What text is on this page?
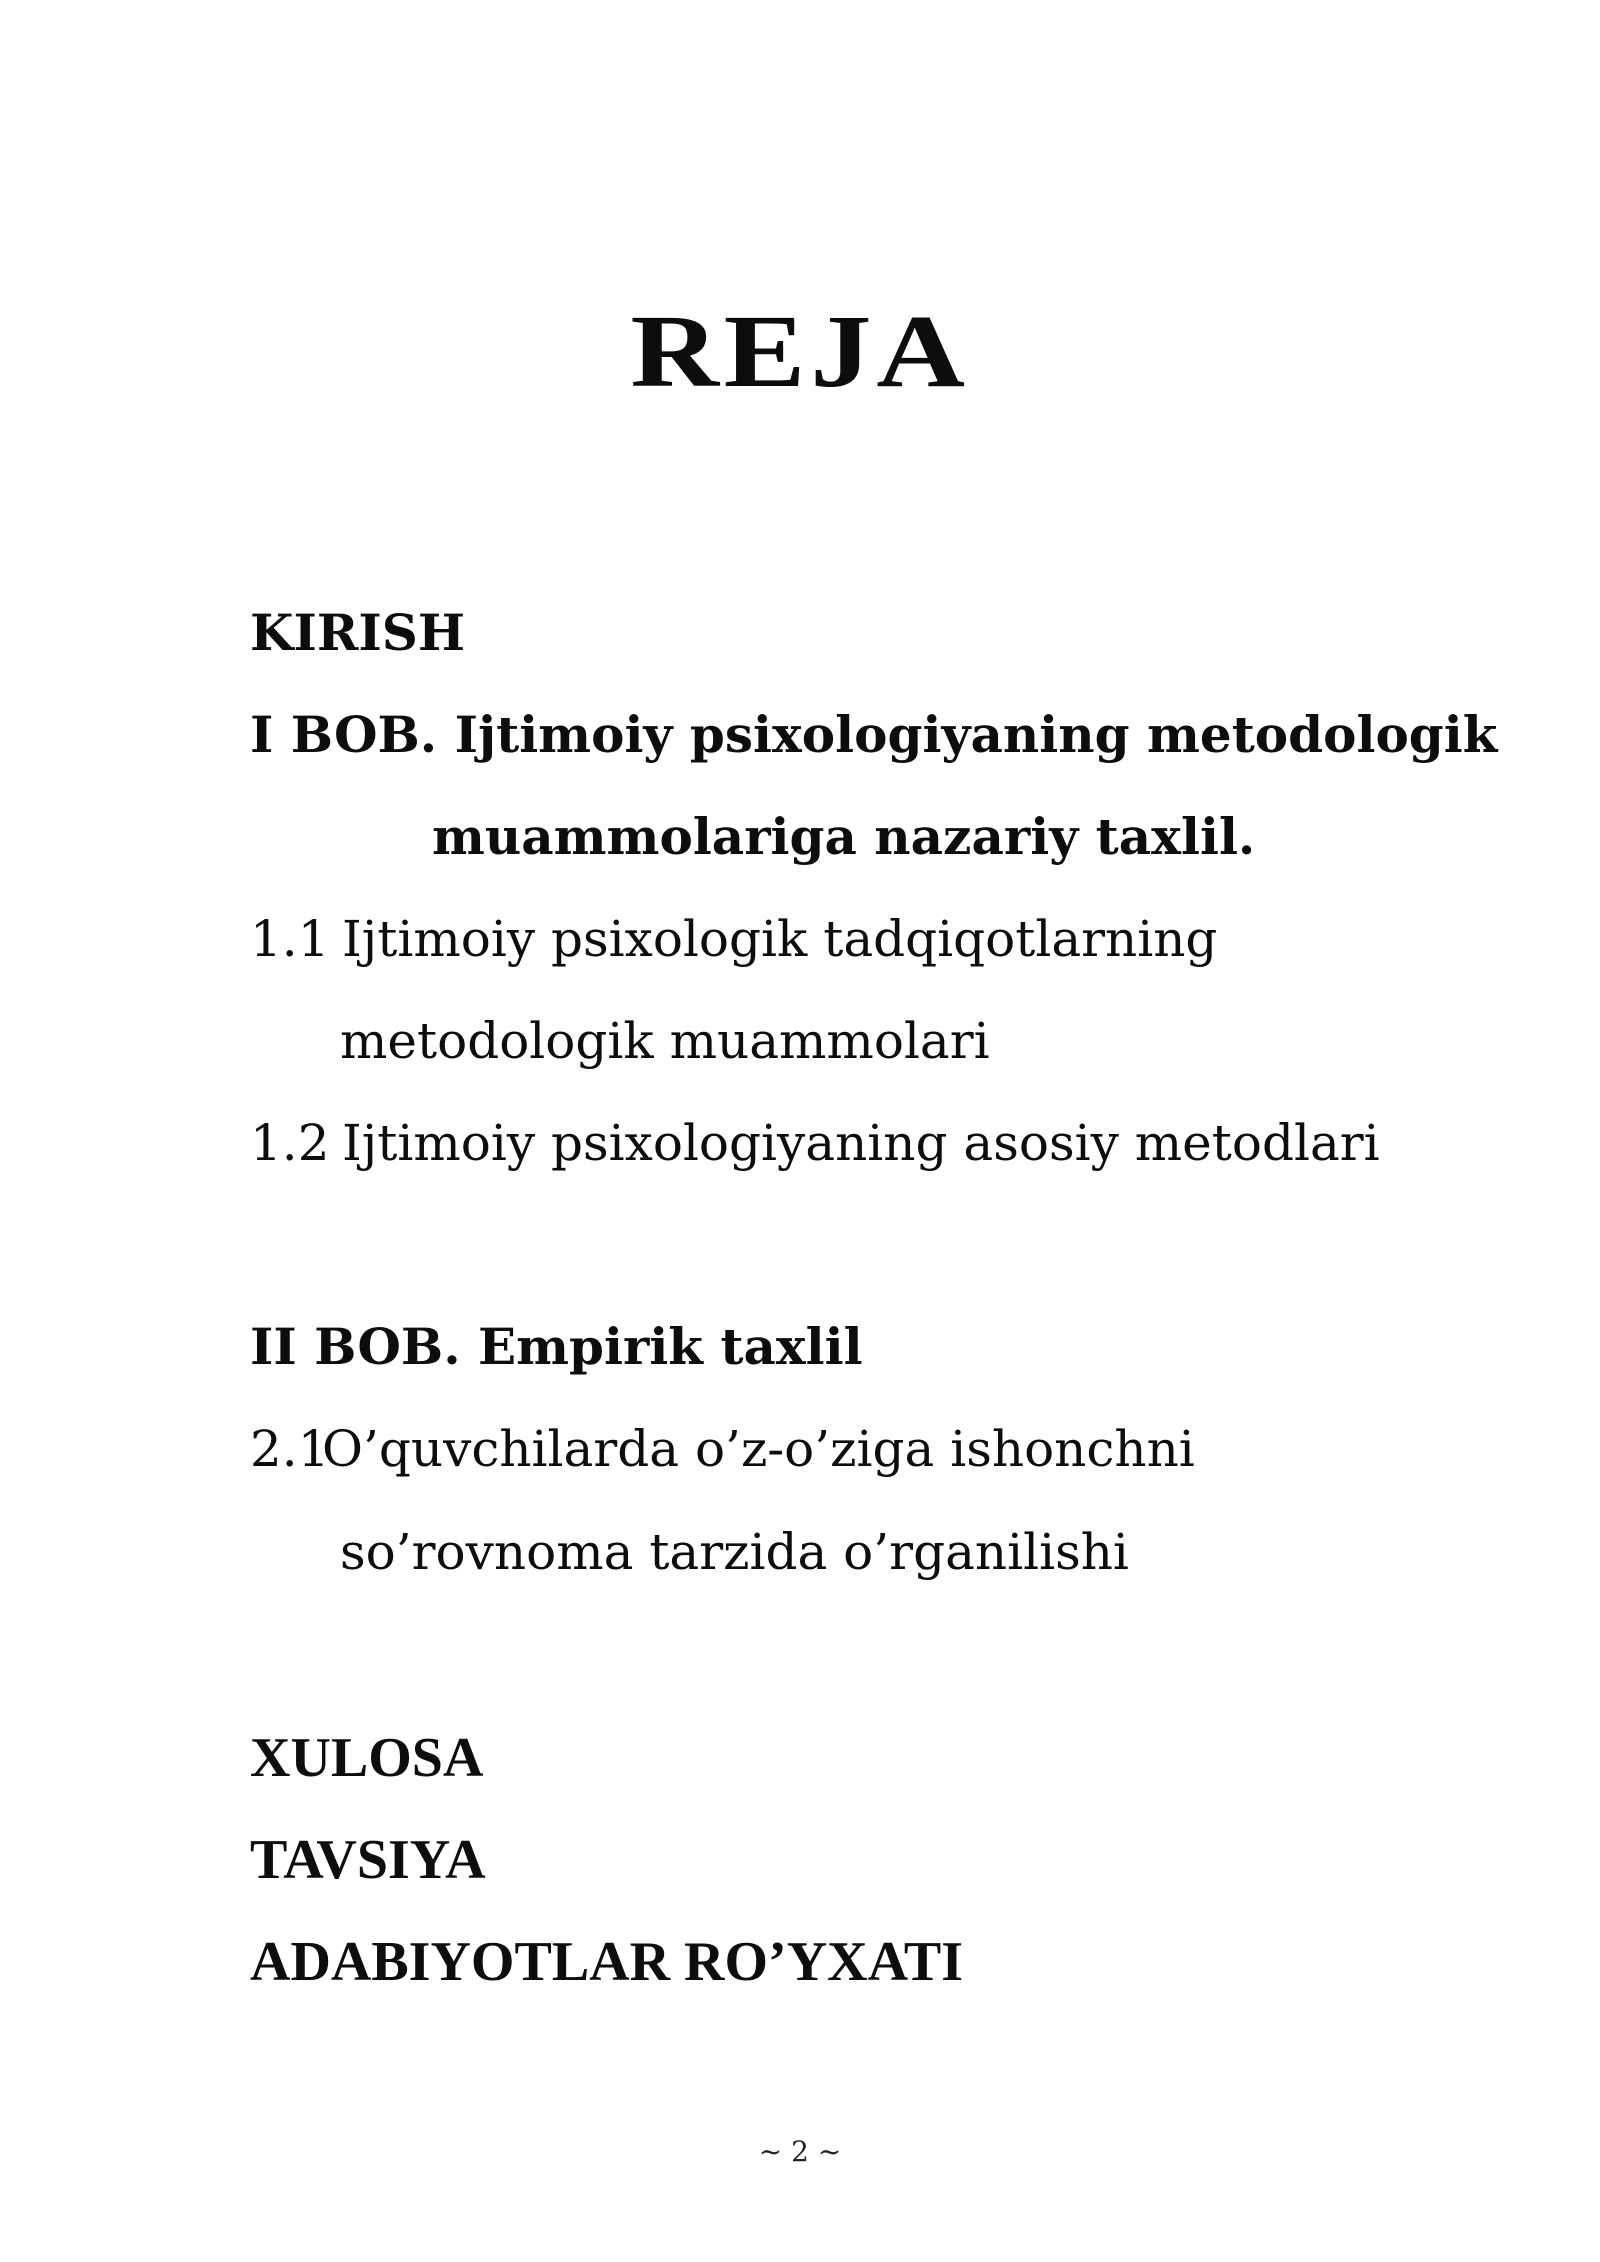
REJA
KIRISH
I BOB. Ijtimoiy psixologiyaning metodologik
muammolariga nazariy taxlil.
1.1 Ijtimoiy psixologik tadqiqotlarning
metodologik muammolari
1.2 Ijtimoiy psixologiyaning asosiy metodlari
II BOB. Empirik taxlil
2.1O’quvchilarda o’z-o’ziga ishonchni
so’rovnoma tarzida o’rganilishi
XULOSA
TAVSIYA
ADABIYOTLAR RO’YXATI
~ 2 ~
